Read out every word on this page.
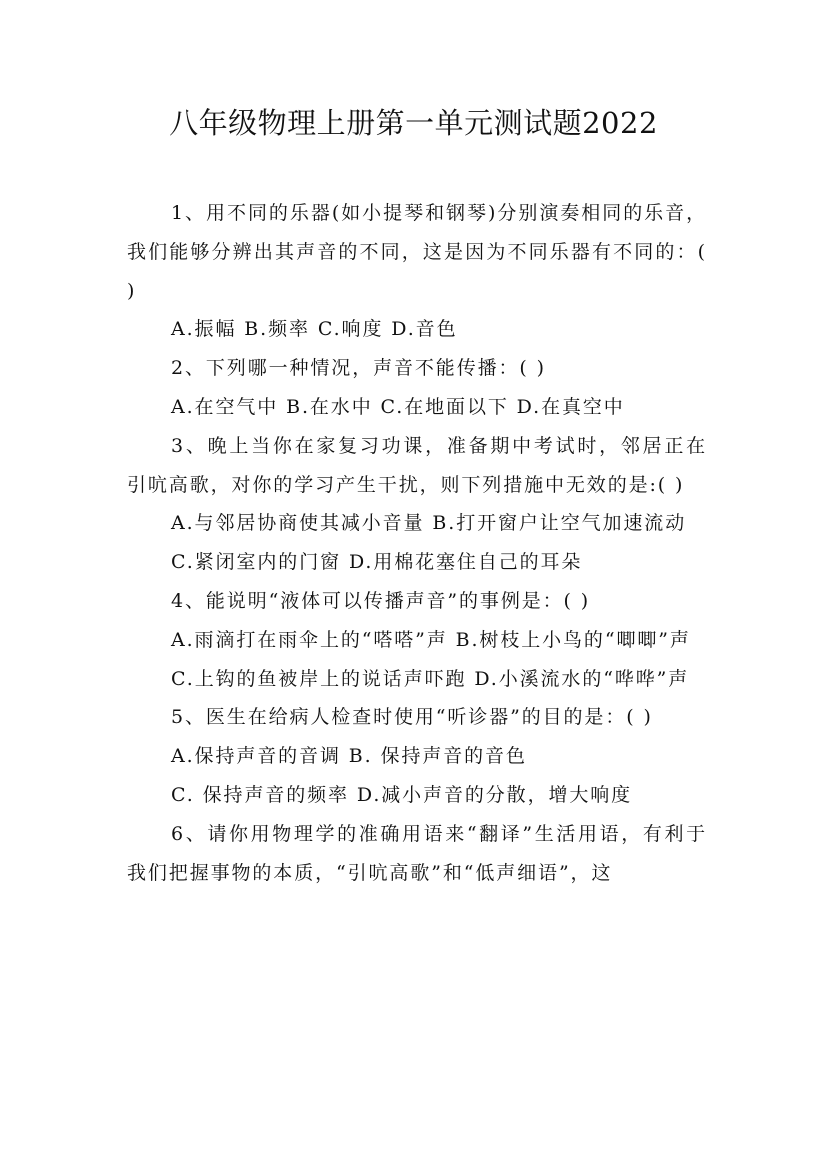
八年级物理上册第一单元测试题2022

1、用不同的乐器(如小提琴和钢琴)分别演奏相同的乐音，我们能够分辨出其声音的不同，这是因为不同乐器有不同的：( )

A.振幅 B.频率 C.响度 D.音色

2、下列哪一种情况，声音不能传播：( )

A.在空气中 B.在水中 C.在地面以下 D.在真空中

3、晚上当你在家复习功课，准备期中考试时，邻居正在引吭高歌，对你的学习产生干扰，则下列措施中无效的是:( )

A.与邻居协商使其减小音量 B.打开窗户让空气加速流动

C.紧闭室内的门窗 D.用棉花塞住自己的耳朵

4、能说明“液体可以传播声音”的事例是：( )

A.雨滴打在雨伞上的“嗒嗒”声 B.树枝上小鸟的“唧唧”声

C.上钩的鱼被岸上的说话声吓跑 D.小溪流水的“哗哗”声

5、医生在给病人检查时使用“听诊器”的目的是：( )

A.保持声音的音调 B. 保持声音的音色

C. 保持声音的频率 D.减小声音的分散，增大响度

6、请你用物理学的准确用语来“翻译”生活用语，有利于我们把握事物的本质，“引吭高歌”和“低声细语”，这
